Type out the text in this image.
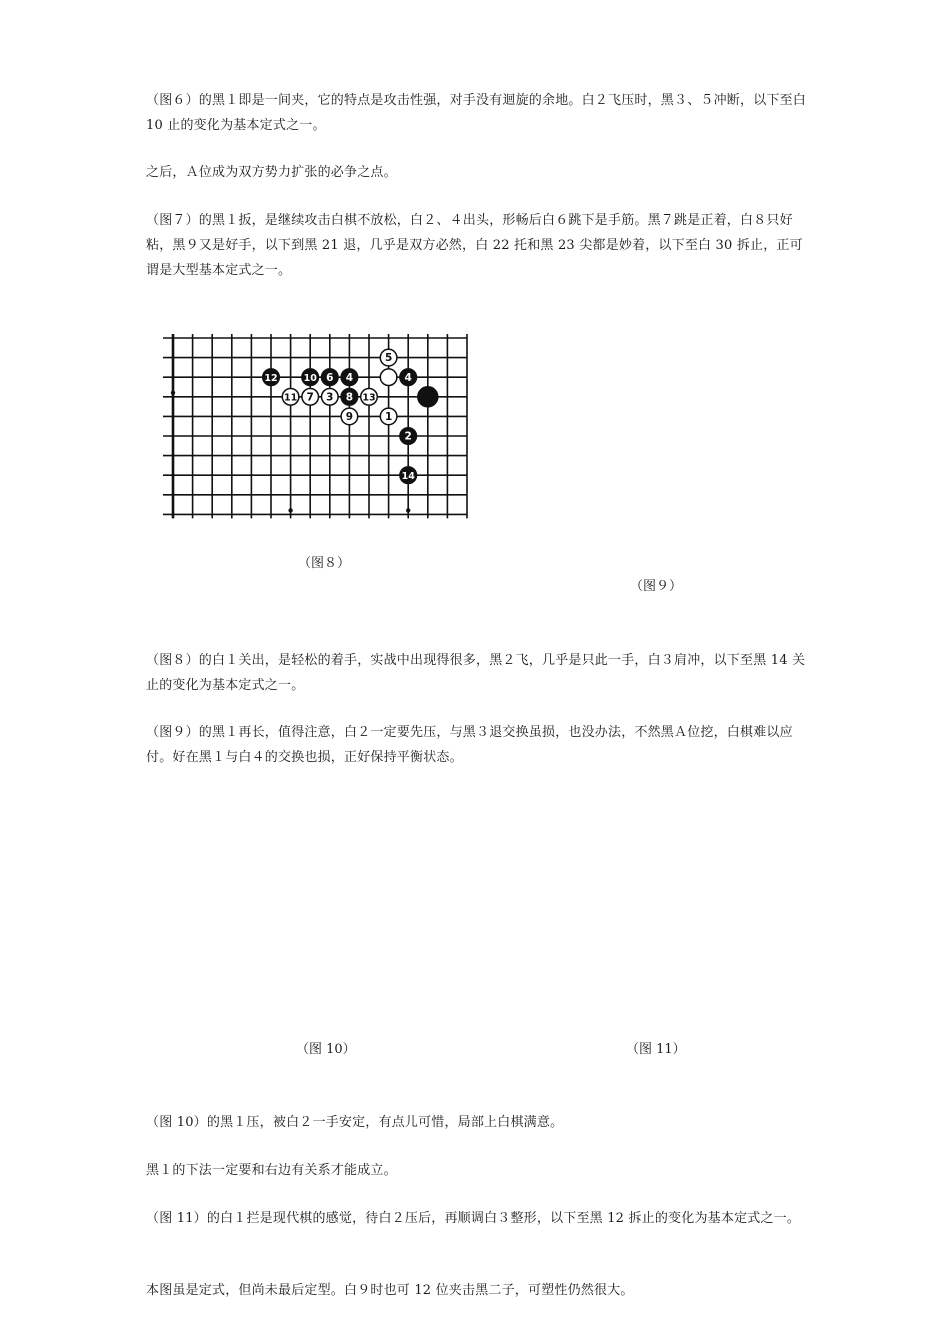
（图６）的黑１即是一间夹，它的特点是攻击性强，对手没有迴旋的余地。白２飞压时，黑３、５冲断，以下至白 10 止的变化为基本定式之一。

之后，Ａ位成为双方势力扩张的必争之点。

（图７）的黑１扳，是继续攻击白棋不放松，白２、４出头，形畅后白６跳下是手筋。黑７跳是正着，白８只好粘，黑９又是好手，以下到黑 21 退，几乎是双方必然，白 22 托和黑 23 尖都是妙着，以下至白 30 拆止，正可谓是大型基本定式之一。

12	10 6 4
5
4
11 7 3 8 13
9	1
2
14
（图８）
（图９）

（图８）的白１关出，是轻松的着手，实战中出现得很多，黑２飞，几乎是只此一手，白３肩冲，以下至黑 14 关止的变化为基本定式之一。

（图９）的黑１再长，值得注意，白２一定要先压，与黑３退交换虽损，也没办法，不然黑Ａ位挖，白棋难以应付。好在黑１与白４的交换也损，正好保持平衡状态。

（图 10）	（图 11）

（图 10）的黑１压，被白２一手安定，有点儿可惜，局部上白棋满意。

黑１的下法一定要和右边有关系才能成立。

（图 11）的白１拦是现代棋的感觉，待白２压后，再顺调白３整形，以下至黑 12 拆止的变化为基本定式之一。

本图虽是定式，但尚未最后定型。白９时也可 12 位夹击黑二子，可塑性仍然很大。
